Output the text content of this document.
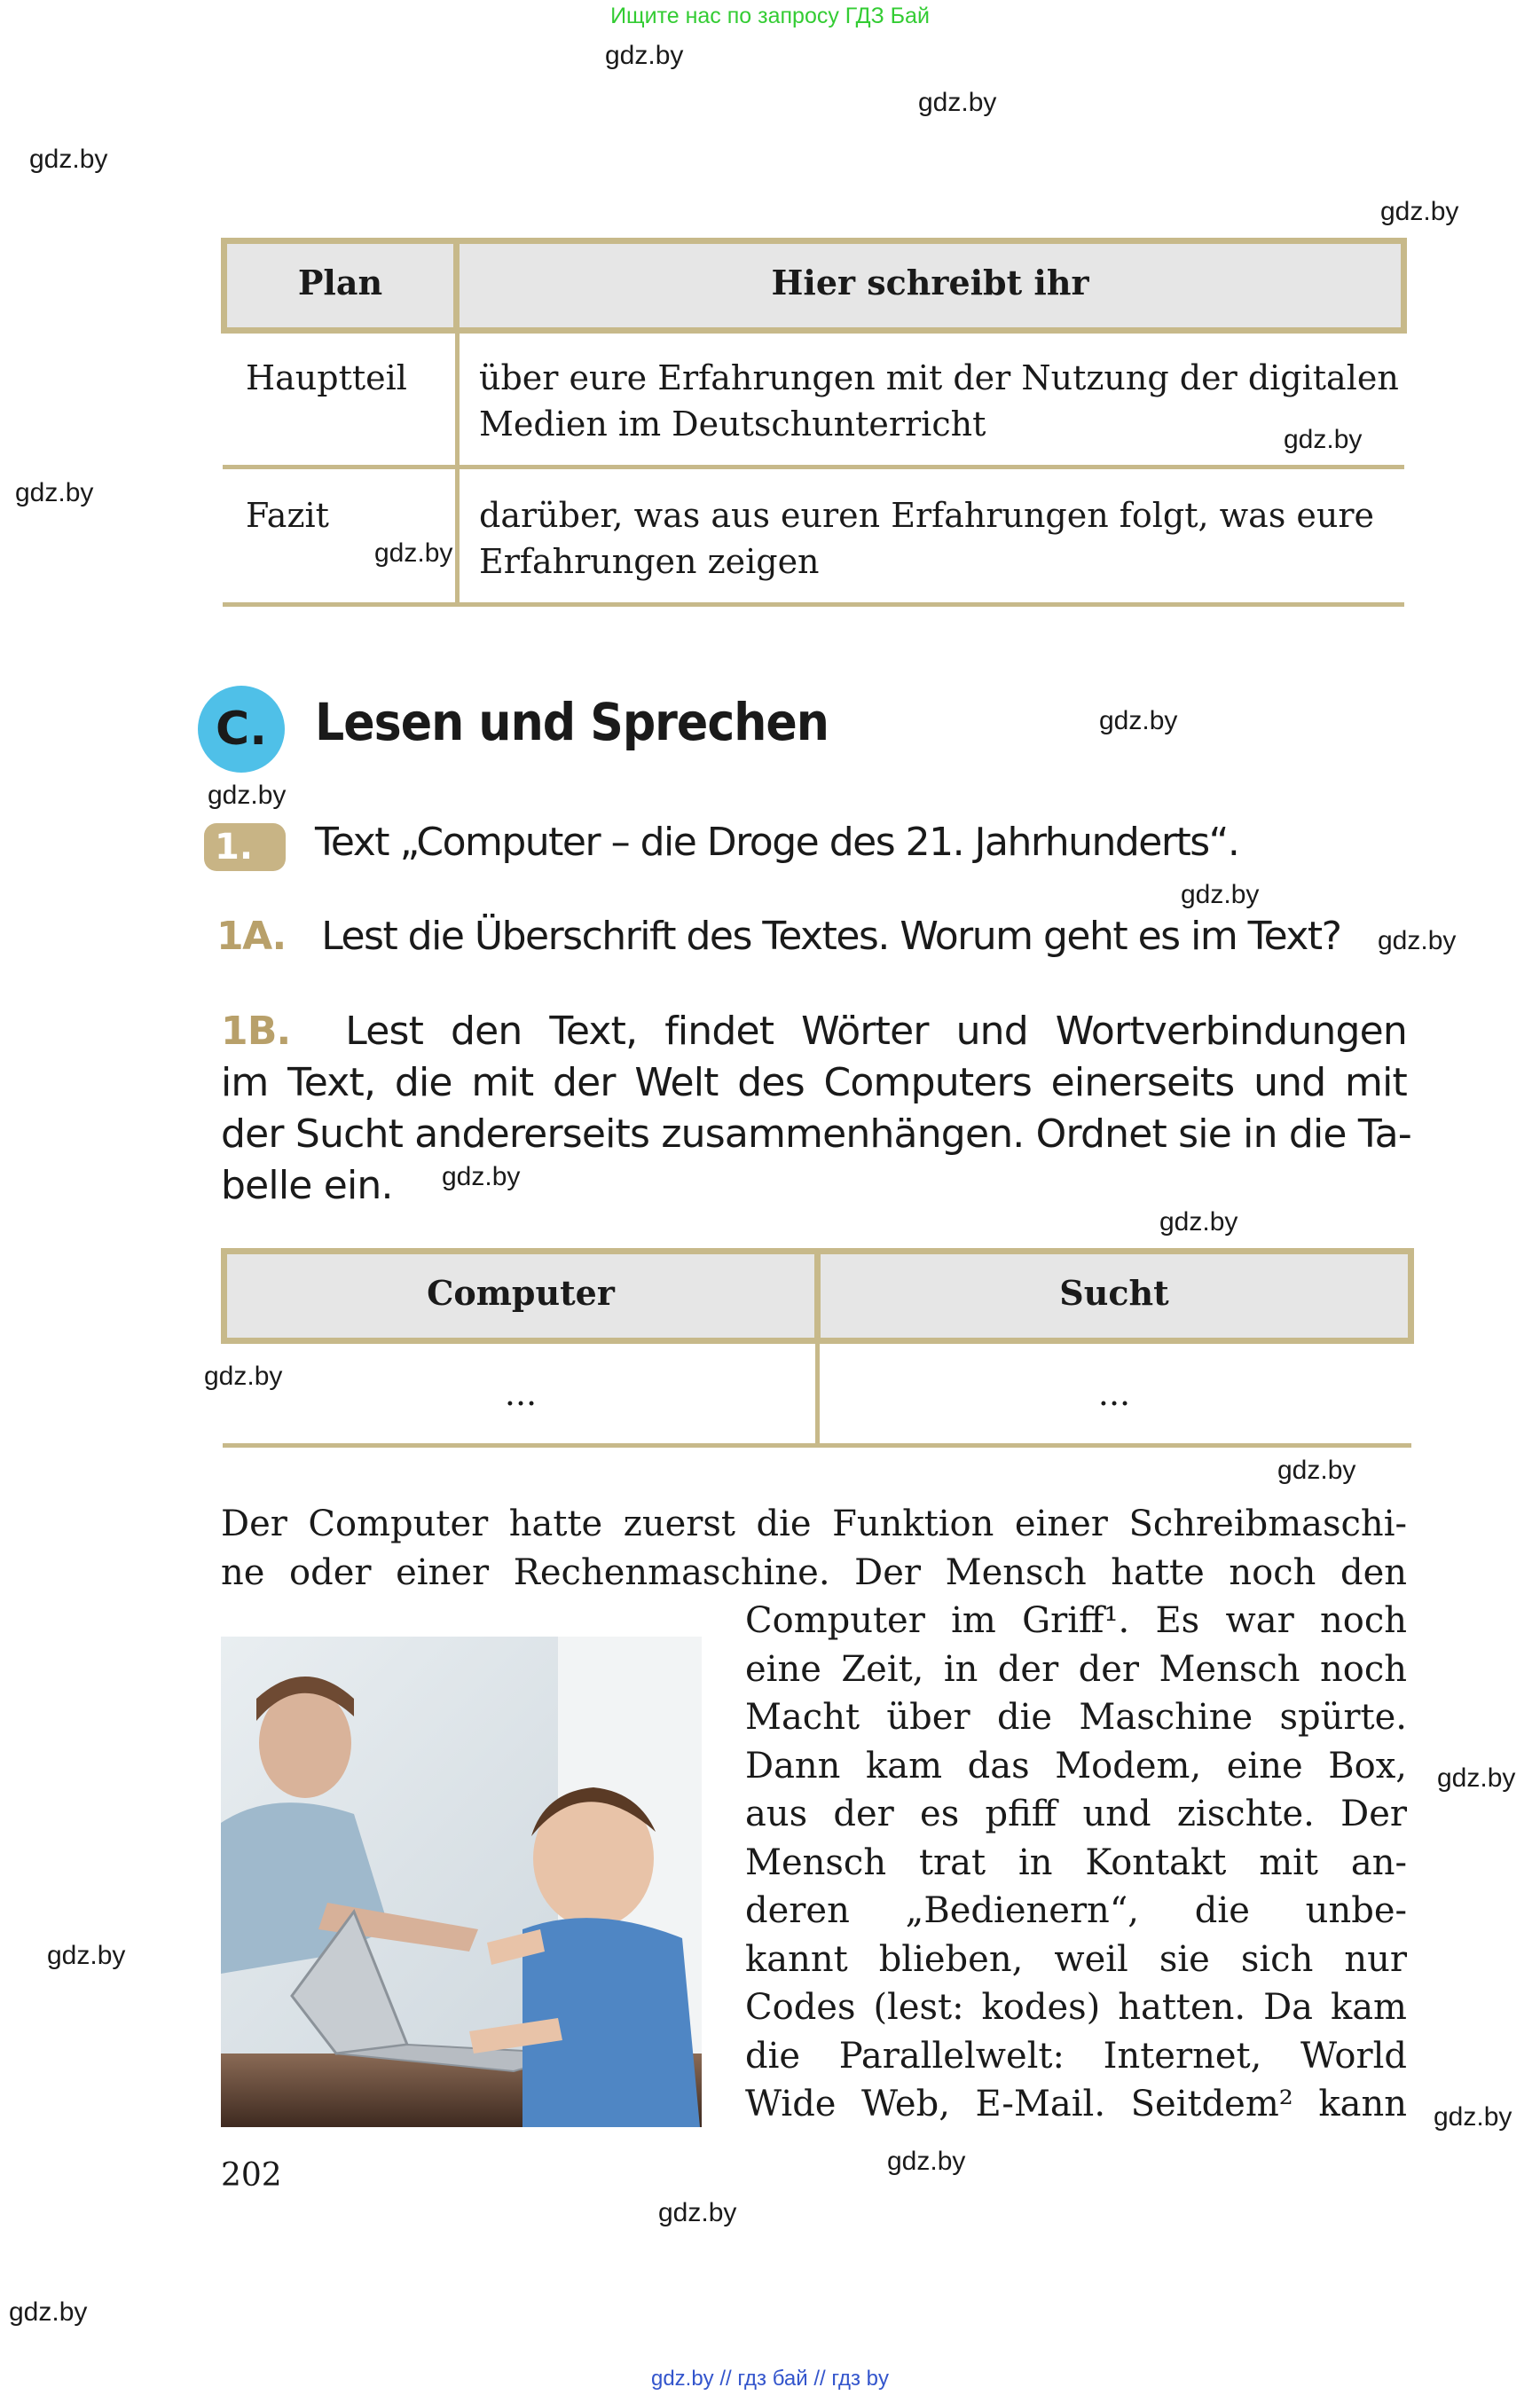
Ищите нас по запросу ГДЗ Бай
gdz.by
gdz.by
gdz.by
gdz.by
gdz.by
gdz.by
gdz.by
gdz.by
gdz.by
gdz.by
gdz.by
gdz.by
gdz.by
gdz.by
gdz.by
gdz.by
gdz.by
gdz.by
gdz.by
gdz.by
gdz.by
Plan	Hier schreibt ihr
Hauptteil über eure Erfahrungen mit der Nutzung der digitalen
Medien im Deutschunterricht
Fazit	darüber, was aus euren Erfahrungen folgt, was eure
Erfahrungen zeigen
C. Lesen und Sprechen
1.	Text „Computer – die Droge des 21. Jahrhunderts“.
1A. Lest die Überschrift des Textes. Worum geht es im Text?
1B. Lest den Text, findet Wörter und Wortverbindungen
im Text, die mit der Welt des Computers einerseits und mit
der Sucht andererseits zusammenhängen. Ordnet sie in die Ta-
belle ein.
Computer	Sucht
...	...
Der Computer hatte zuerst die Funktion einer Schreibmaschi-
ne oder einer Rechenmaschine. Der Mensch hatte noch den
Computer im Griff¹. Es war noch
eine Zeit, in der der Mensch noch
Macht über die Maschine spürte.
Dann kam das Modem, eine Box,
aus der es pfiff und zischte. Der
Mensch trat in Kontakt mit an-
deren „Bedienern“, die unbe-
kannt blieben, weil sie sich nur
Codes (lest: kodes) hatten. Da kam
die Parallelwelt: Internet, World
Wide Web, E-Mail. Seitdem² kann
202
gdz.by // гдз бай // гдз by
